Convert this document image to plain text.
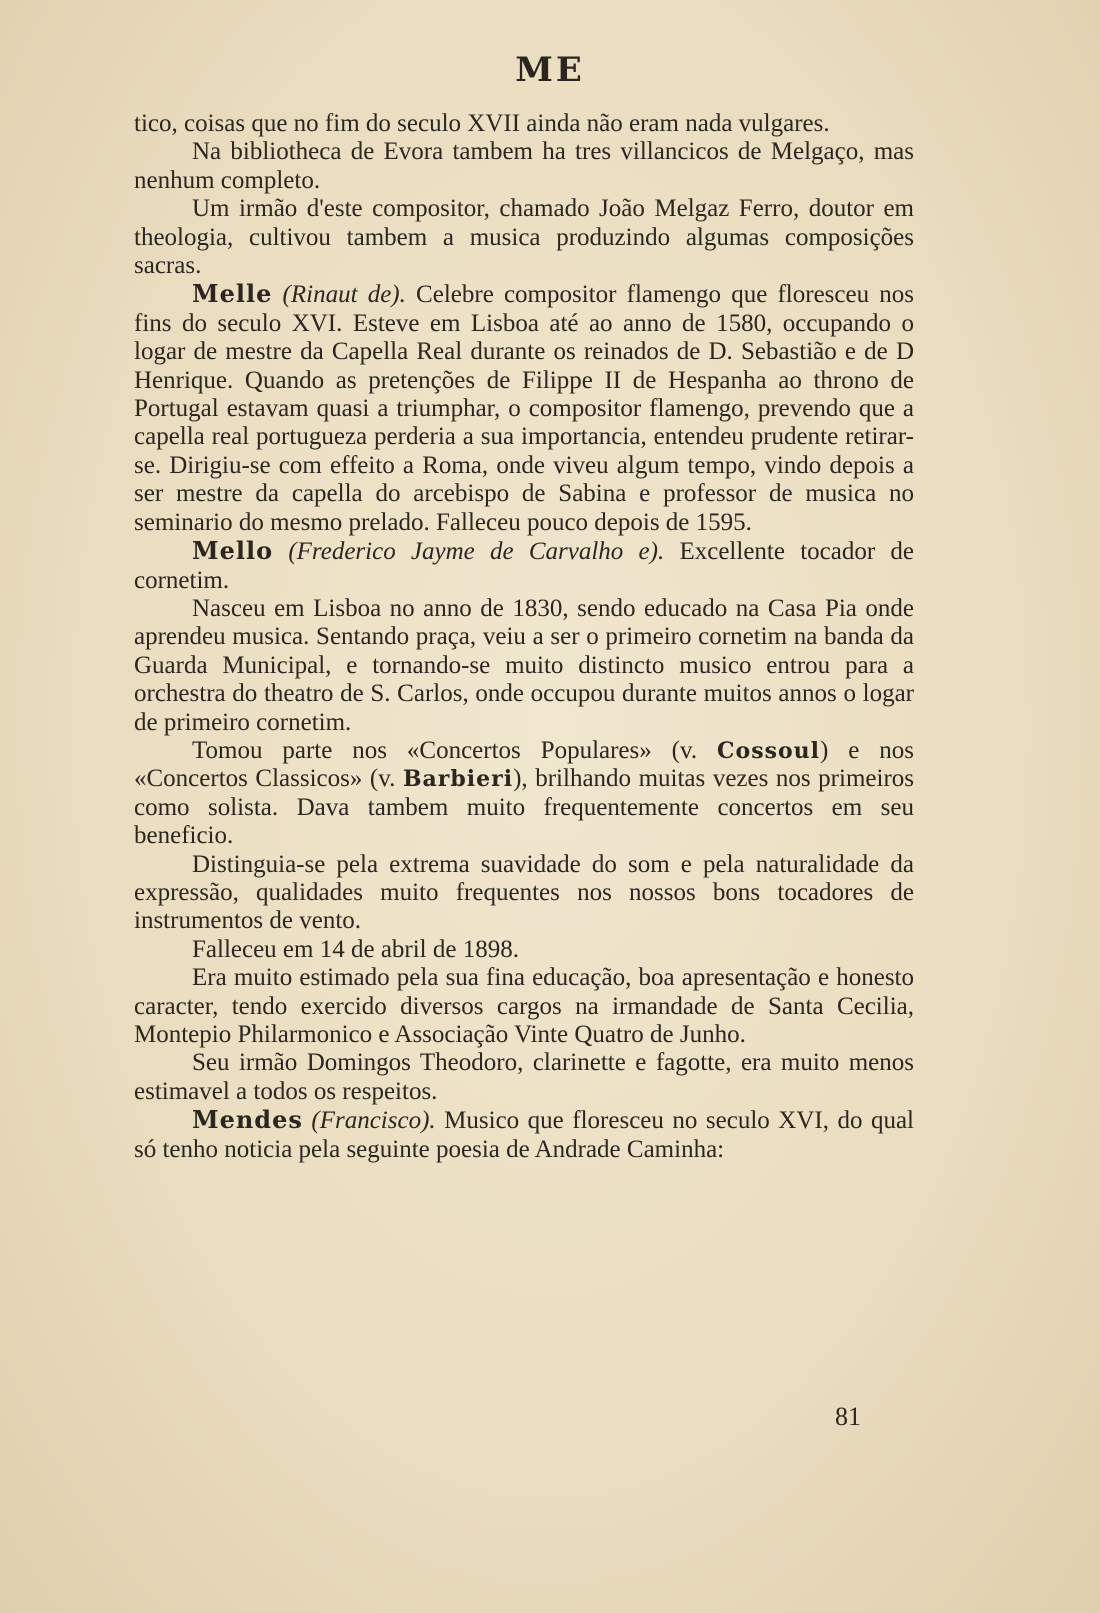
ME

tico, coisas que no fim do seculo XVII ainda não eram nada vulgares.

Na bibliotheca de Evora tambem ha tres villancicos de Melgaço, mas nenhum completo.

Um irmão d'este compositor, chamado João Melgaz Ferro, doutor em theologia, cultivou tambem a musica produzindo algumas composições sacras.

Melle (Rinaut de). Celebre compositor flamengo que floresceu nos fins do seculo XVI. Esteve em Lisboa até ao anno de 1580, occupando o logar de mestre da Capella Real durante os reinados de D. Sebastião e de D Henrique. Quando as pretenções de Filippe II de Hespanha ao throno de Portugal estavam quasi a triumphar, o compositor flamengo, prevendo que a capella real portugueza perderia a sua importancia, entendeu prudente retirar-se. Dirigiu-se com effeito a Roma, onde viveu algum tempo, vindo depois a ser mestre da capella do arcebispo de Sabina e professor de musica no seminario do mesmo prelado. Falleceu pouco depois de 1595.

Mello (Frederico Jayme de Carvalho e). Excellente tocador de cornetim.

Nasceu em Lisboa no anno de 1830, sendo educado na Casa Pia onde aprendeu musica. Sentando praça, veiu a ser o primeiro cornetim na banda da Guarda Municipal, e tornando-se muito distincto musico entrou para a orchestra do theatro de S. Carlos, onde occupou durante muitos annos o logar de primeiro cornetim.

Tomou parte nos «Concertos Populares» (v. Cossoul) e nos «Concertos Classicos» (v. Barbieri), brilhando muitas vezes nos primeiros como solista. Dava tambem muito frequentemente concertos em seu beneficio.

Distinguia-se pela extrema suavidade do som e pela naturalidade da expressão, qualidades muito frequentes nos nossos bons tocadores de instrumentos de vento.

Falleceu em 14 de abril de 1898.

Era muito estimado pela sua fina educação, boa apresentação e honesto caracter, tendo exercido diversos cargos na irmandade de Santa Cecilia, Montepio Philarmonico e Associação Vinte Quatro de Junho.

Seu irmão Domingos Theodoro, clarinette e fagotte, era muito menos estimavel a todos os respeitos.

Mendes (Francisco). Musico que floresceu no seculo XVI, do qual só tenho noticia pela seguinte poesia de Andrade Caminha:

81
